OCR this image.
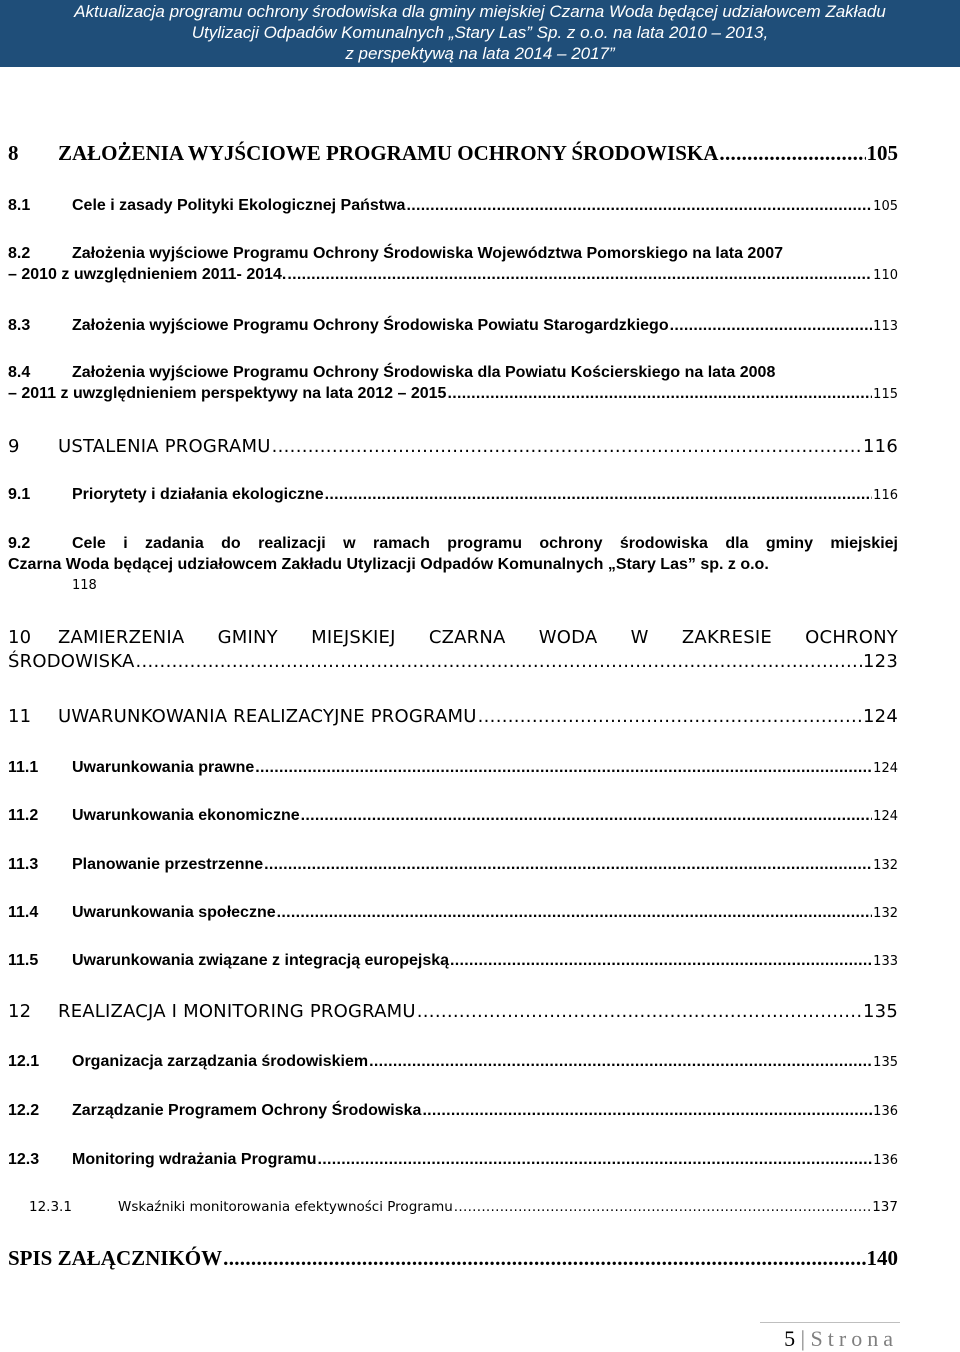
Aktualizacja programu ochrony środowiska dla gminy miejskiej Czarna Woda będącej udziałowcem Zakładu
Utylizacji Odpadów Komunalnych „Stary Las” Sp. z o.o. na lata 2010 – 2013,
z perspektywą na lata 2014 – 2017”
8	ZAŁOŻENIA WYJŚCIOWE PROGRAMU OCHRONY ŚRODOWISKA .....	105
8.1	Cele i zasady Polityki Ekologicznej Państwa .....	105
8.2	Założenia wyjściowe Programu Ochrony Środowiska Województwa Pomorskiego na lata 2007
– 2010 z uwzględnieniem 2011- 2014. .....	110
8.3	Założenia wyjściowe Programu Ochrony Środowiska Powiatu Starogardzkiego .....	113
8.4	Założenia wyjściowe Programu Ochrony Środowiska dla Powiatu Kościerskiego na lata 2008
– 2011 z uwzględnieniem perspektywy na lata 2012 – 2015 .....	115
9	USTALENIA PROGRAMU .....	116
9.1	Priorytety i działania ekologiczne .....	116
9.2	Cele i zadania do realizacji w ramach programu ochrony środowiska dla gminy miejskiej
Czarna Woda będącej udziałowcem Zakładu Utylizacji Odpadów Komunalnych „Stary Las” sp. z o.o.
118
10	ZAMIERZENIA GMINY MIEJSKIEJ CZARNA WODA W ZAKRESIE OCHRONY
ŚRODOWISKA .....	123
11	UWARUNKOWANIA REALIZACYJNE PROGRAMU .....	124
11.1	Uwarunkowania prawne .....	124
11.2	Uwarunkowania ekonomiczne .....	124
11.3	Planowanie przestrzenne .....	132
11.4	Uwarunkowania społeczne .....	132
11.5	Uwarunkowania związane z integracją europejską .....	133
12	REALIZACJA I MONITORING PROGRAMU .....	135
12.1	Organizacja zarządzania środowiskiem .....	135
12.2	Zarządzanie Programem Ochrony Środowiska .....	136
12.3	Monitoring wdrażania Programu .....	136
12.3.1	Wskaźniki monitorowania efektywności Programu .....	137
SPIS ZAŁĄCZNIKÓW .....	140
5 | Strona
